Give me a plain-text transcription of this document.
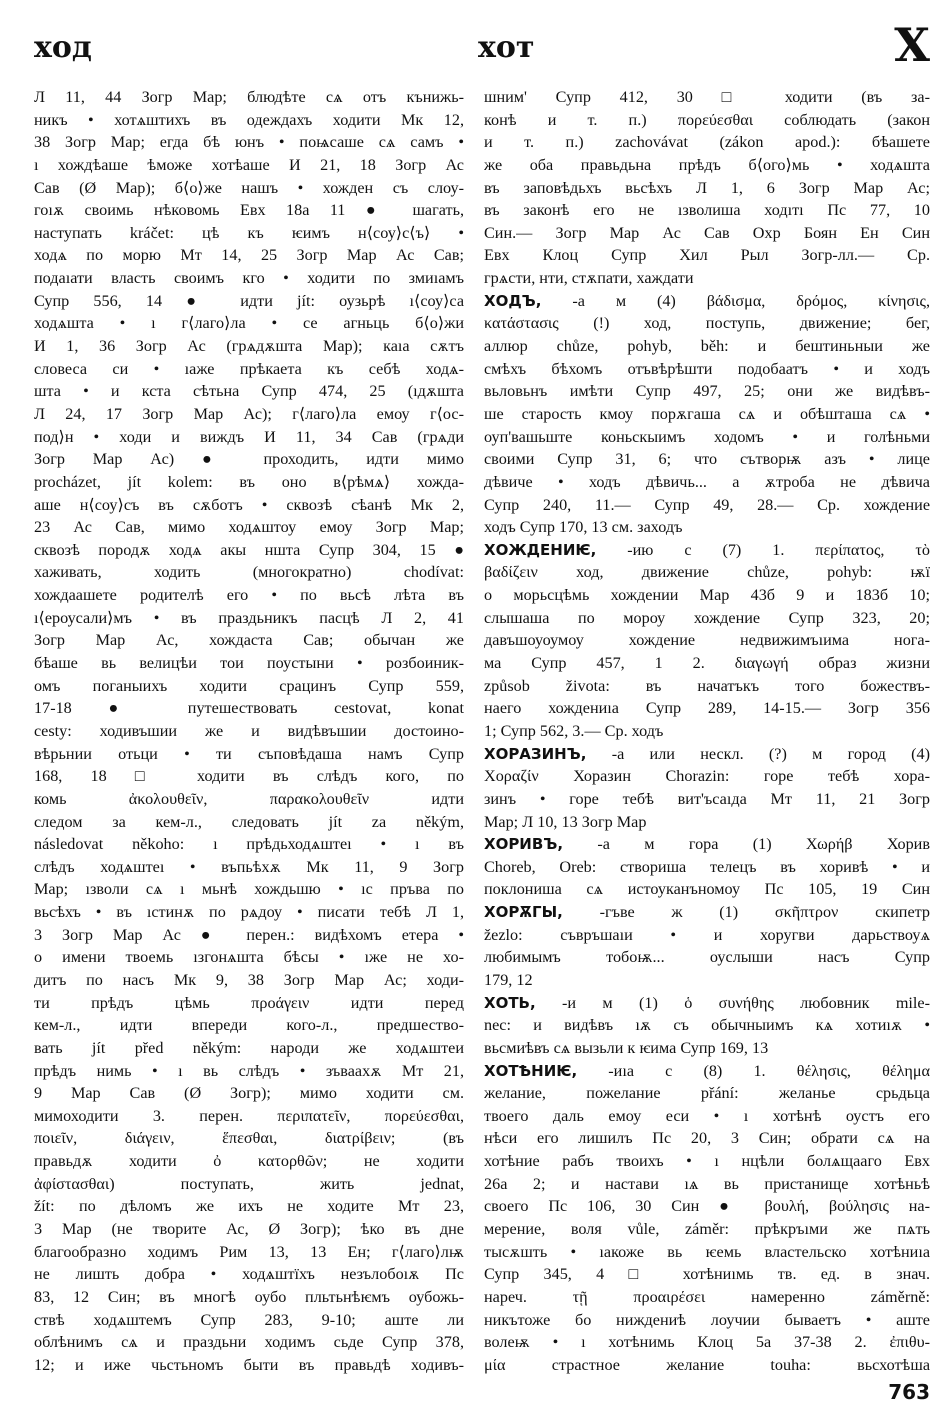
ход	хот	Х
Л 11, 44 Зогр Мар; блюдѣте сѧ отъ кънижь-
никъ • хотѧштихъ въ одеждахъ ходити Мк 12,
38 Зогр Мар; егда бѣ юнъ • поѩсаше сѧ самъ •
ı хождѣаше ѣможе хотѣаше И 21, 18 Зогр Ас
Сав (Ø Мар); б⟨о⟩же нашъ • хожден съ слоу-
гоıѫ своимь нѣковомь Евх 18а 11 ● шагать,
наступать kráčet: цѣ къ ѥимъ н⟨соу⟩с⟨ъ⟩ •
ходѧ по морю Мт 14, 25 Зогр Мар Ас Сав;
подаıати власть своимъ кго • ходити по змиıамъ
Супр 556, 14 ● идти jít: оузьрѣ ı⟨соу⟩са
ходѧшта • ı г⟨лаго⟩ла • се агньць б⟨о⟩жи
И 1, 36 Зогр Ас (грѧдѫшта Мар); каıа сѫтъ
словеса си • ıаже прѣкаета къ себѣ ходѧ-
шта • и кста сѣтьна Супр 474, 25 (ıдѫшта
Л 24, 17 Зогр Мар Ас); г⟨лаго⟩ла емоу г⟨ос-
под⟩н • ходи и виждъ И 11, 34 Сав (грѧди
Зогр Мар Ас) ● проходить, идти мимо
procházet, jít kolem: въ оно в⟨рѣмѧ⟩ хожда-
аше н⟨соу⟩съ въ сѫботъ • сквозѣ сѣанѣ Мк 2,
23 Ас Сав, мимо ходѧштоу емоу Зогр Мар;
сквозѣ породѫ ходѧ акы ншта Супр 304, 15 ●
хаживать, ходить (многократно) chodívat:
хождаашете родителѣ его • по вьсѣ лѣта въ
ı⟨ероусали⟩мъ • въ праздьникъ пасцѣ Л 2, 41
Зогр Мар Ас, хождаста Сав; обычан же
бѣаше вь велицѣи тои поустыни • розбоиник-
омъ поганыихъ ходити срацинъ Супр 559,
17-18 ● путешествовать cestovat, konat
cesty: ходивъшии же и видѣвъшии достоино-
вѣрьнии отьци • ти съповѣдаша намъ Супр
168, 18 □ ходити въ слѣдъ кого, по
комь ἀκολουθεῖν, παρακολουθεῖν идти
следом за кем-л., следовать jít za někým,
následovat někoho: ı прѣдьходѧштеı • ı въ
слѣдъ ходѧштеı • въпьѣхѫ Мк 11, 9 Зогр
Мар; ıзволи сѧ ı мьнѣ хождьшю • ıс пръва по
вьсѣхъ • въ ıстинѫ по рѧдоу • писати тебѣ Л 1,
3 Зогр Мар Ас ● перен.: видѣхомъ етера •
о имени твоемь ıзгонѧшта бѣсы • ıже не хо-
дитъ по насъ Мк 9, 38 Зогр Мар Ас; ходи-
ти прѣдъ цѣмь προάγειν идти перед
кем-л., идти впереди кого-л., предшество-
вать jít před někým: народи же ходѧштеи
прѣдъ нимь • ı вь слѣдъ • зъваахѫ Мт 21,
9 Мар Сав (Ø Зогр); мимо ходити см.
мимоходити 3. перен. περιπατεῖν, πορεύεσθαι,
ποιεῖν, διάγειν, ἕπεσθαι, διατρίβειν; (въ
правьдѫ ходити ὀ κατορθῶν; не ходити
ἀφίστασθαι) поступать, жить jednat,
žít: по дѣломъ же ихъ не ходите Мт 23,
3 Мар (не творите Ас, Ø Зогр); ѣко въ дне
благообразно ходимъ Рим 13, 13 Ен; г⟨лаго⟩лѭ
не лишть добра • ходѧштїхъ незълобоıѫ Пс
83, 12 Син; въ многѣ оубо пльтьнѣѥмъ оубожь-
ствѣ ходѧштемъ Супр 283, 9-10; аште ли
облѣнимъ сѧ и праздьни ходимъ сьде Супр 378,
12; и иже чьстьномъ быти въ правьдѣ ходивъ-
шним' Супр 412, 30 □ ходити (въ за-
конѣ и т. п.) πορεύεσθαι соблюдать (закон
и т. п.) zachovávat (zákon apod.): бѣашете
же оба правьдьна прѣдъ б⟨ого⟩мь • ходѧшта
въ заповѣдьхъ вьсѣхъ Л 1, 6 Зогр Мар Ас;
въ законѣ его не ıзволиша ходıтı Пс 77, 10
Син.— Зогр Мар Ас Сав Охр Боян Ен Син
Евх Клоц Супр Хил Рыл Зогр-лл.— Ср.
грѧсти, нти, стѫпати, хаждати
ХОДЪ, -а м (4) βάδισμα, δρόμος, κίνησις,
κατάστασις (!) ход, поступь, движение; бег,
аллюр chůze, pohyb, běh: и бештиньныи же
смѣхъ бѣхомъ отъвѣрѣшти подобаатъ • и ходъ
вьловьнъ имѣти Супр 497, 25; они же видѣвъ-
ше старость кмоу порѫгаша сѧ и обѣшташа сѧ •
оуп'вашьште коньскыимъ ходомъ • и голѣньми
своими Супр 31, 6; что сътворѭ азъ • лице
дѣвиче • ходъ дѣвичь... а ѫтроба не дѣвича
Супр 240, 11.— Супр 49, 28.— Ср. хождение
ходъ Супр 170, 13 см. заходъ
ХОЖДЕНИѤ, -ию с (7) 1. περίπατος, τὸ
βαδίζειν ход, движение chůze, pohyb: ѭї
о морьсцѣмь хождении Мар 43б 9 и 183б 10;
слышаша по мороу хождение Супр 323, 20;
давъшоуоумоу хождение недвижимъıима нога-
ма Супр 457, 1 2. διαγωγή образ жизни
způsob života: въ начатъкъ того божествъ-
наего хождениıа Супр 289, 14-15.— Зогр 356
1; Супр 562, 3.— Ср. ходъ
ХОРАЗИНЪ, -а или нескл. (?) м город (4)
Χοραζίν Хоразин Chorazin: горе тебѣ хора-
зинъ • горе тебѣ вит'ъсаıда Мт 11, 21 Зогр
Мар; Л 10, 13 Зогр Мар
ХОРИВЪ, -а м гора (1) Χωρήβ Хорив
Choreb, Oreb: створиша телецъ въ хоривѣ • и
поклониша сѧ истоуканъномоу Пс 105, 19 Син
ХОРѪГЫ, -гъве ж (1) σκῆπτρον скипетр
žezlo: съвръшаıи • и хоругви дарьствоуѧ
любимымъ тобоѭ... оуслыши насъ Супр
179, 12
ХОТЬ, -и м (1) ὁ συνήθης любовник mile-
nec: и видѣвъ ıѫ съ обычныимъ кѧ хотиıѫ •
вьсмиѣвъ сѧ вызьли к ѥима Супр 169, 13
ХОТѢНИѤ, -иıа с (8) 1. θέλησις, θέλημα
желание, пожелание přání: желанье срьдьца
твоего даль емоу еси • ı хотѣнѣ оустъ его
нѣси его лишилъ Пс 20, 3 Син; обрати сѧ на
хотѣние рабъ твоихъ • ı нцѣли болѧщааго Евх
26а 2; и настави ıѧ вь пристанище хотѣньѣ
своего Пс 106, 30 Син ● βουλή, βούλησις на-
мерение, воля vůle, záměr: прѣкръıми же пѧть
тысѫшть • ıакоже вь ѥемь властельско хотѣниıа
Супр 345, 4 □ хотѣниıмь тв. ед. в знач.
нареч. τῇ προαιρέσει намеренно záměrně:
никътоже бо ниждениѣ лоучии бываетъ • аште
волеѭ • ı хотѣнимь Клоц 5а 37-38 2. ἐπιθυ-
μία страстное желание touha: вьсхотѣша
763
